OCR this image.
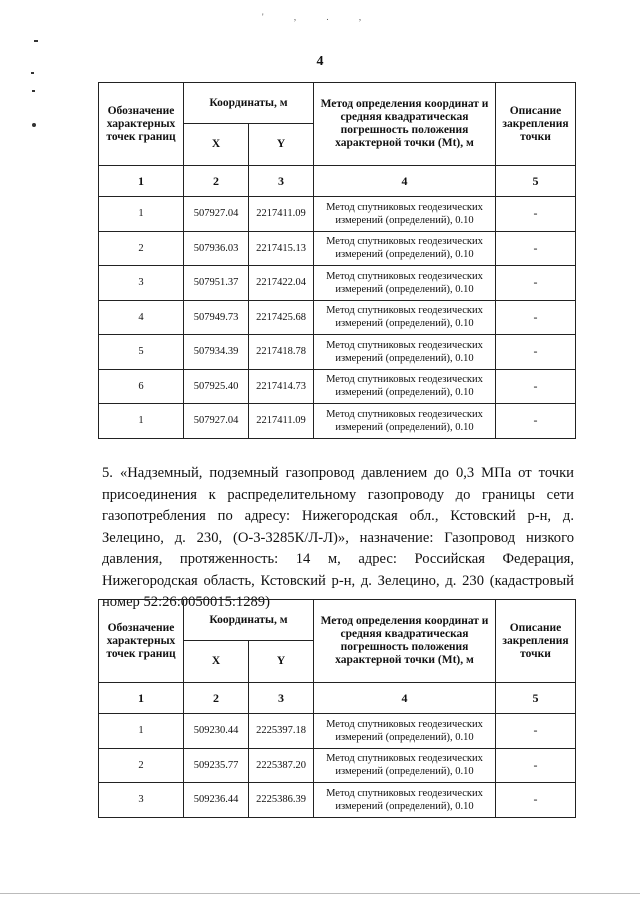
' , . ,
4
Обозначение характерных точек границ	Координаты, м		Метод определения координат и средняя квадратическая погрешность положения характерной точки (Mt), м	Описание закрепления точки
	X	Y		
1	2	3	4	5
1	507927.04	2217411.09	Метод спутниковых геодезических измерений (определений), 0.10	-
2	507936.03	2217415.13	Метод спутниковых геодезических измерений (определений), 0.10	-
3	507951.37	2217422.04	Метод спутниковых геодезических измерений (определений), 0.10	-
4	507949.73	2217425.68	Метод спутниковых геодезических измерений (определений), 0.10	-
5	507934.39	2217418.78	Метод спутниковых геодезических измерений (определений), 0.10	-
6	507925.40	2217414.73	Метод спутниковых геодезических измерений (определений), 0.10	-
1	507927.04	2217411.09	Метод спутниковых геодезических измерений (определений), 0.10	-
5. «Надземный, подземный газопровод давлением до 0,3 МПа от точки присоединения к распределительному газопроводу до границы сети газопотребления по адресу: Нижегородская обл., Кстовский р-н, д. Зелецино, д. 230, (О-3-3285К/Л-Л)», назначение: Газопровод низкого давления, протяженность: 14 м, адрес: Российская Федерация, Нижегородская область, Кстовский р-н, д. Зелецино, д. 230 (кадастровый номер 52:26:0050015:1289)
Обозначение характерных точек границ	Координаты, м		Метод определения координат и средняя квадратическая погрешность положения характерной точки (Mt), м	Описание закрепления точки
	X	Y		
1	2	3	4	5
1	509230.44	2225397.18	Метод спутниковых геодезических измерений (определений), 0.10	-
2	509235.77	2225387.20	Метод спутниковых геодезических измерений (определений), 0.10	-
3	509236.44	2225386.39	Метод спутниковых геодезических измерений (определений), 0.10	-
